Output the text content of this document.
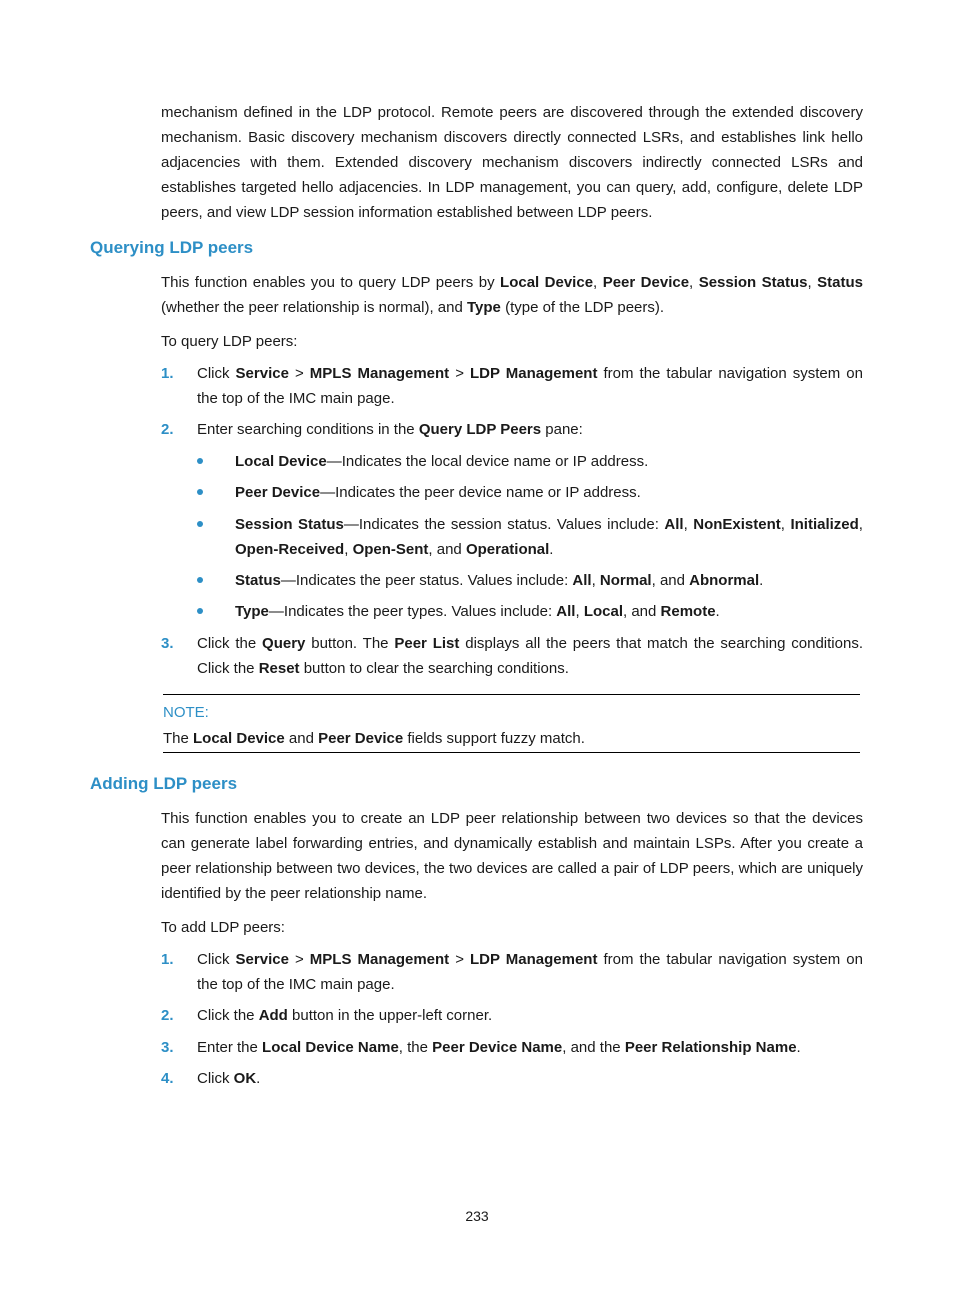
mechanism defined in the LDP protocol. Remote peers are discovered through the extended discovery mechanism. Basic discovery mechanism discovers directly connected LSRs, and establishes link hello adjacencies with them. Extended discovery mechanism discovers indirectly connected LSRs and establishes targeted hello adjacencies. In LDP management, you can query, add, configure, delete LDP peers, and view LDP session information established between LDP peers.

Querying LDP peers

This function enables you to query LDP peers by Local Device, Peer Device, Session Status, Status (whether the peer relationship is normal), and Type (type of the LDP peers).

To query LDP peers:

1. Click Service > MPLS Management > LDP Management from the tabular navigation system on the top of the IMC main page.
2. Enter searching conditions in the Query LDP Peers pane:
Local Device—Indicates the local device name or IP address.
Peer Device—Indicates the peer device name or IP address.
Session Status—Indicates the session status. Values include: All, NonExistent, Initialized, Open-Received, Open-Sent, and Operational.
Status—Indicates the peer status. Values include: All, Normal, and Abnormal.
Type—Indicates the peer types. Values include: All, Local, and Remote.
3. Click the Query button. The Peer List displays all the peers that match the searching conditions. Click the Reset button to clear the searching conditions.
NOTE:
The Local Device and Peer Device fields support fuzzy match.
Adding LDP peers

This function enables you to create an LDP peer relationship between two devices so that the devices can generate label forwarding entries, and dynamically establish and maintain LSPs. After you create a peer relationship between two devices, the two devices are called a pair of LDP peers, which are uniquely identified by the peer relationship name.

To add LDP peers:

1. Click Service > MPLS Management > LDP Management from the tabular navigation system on the top of the IMC main page.
2. Click the Add button in the upper-left corner.
3. Enter the Local Device Name, the Peer Device Name, and the Peer Relationship Name.
4. Click OK.
233
